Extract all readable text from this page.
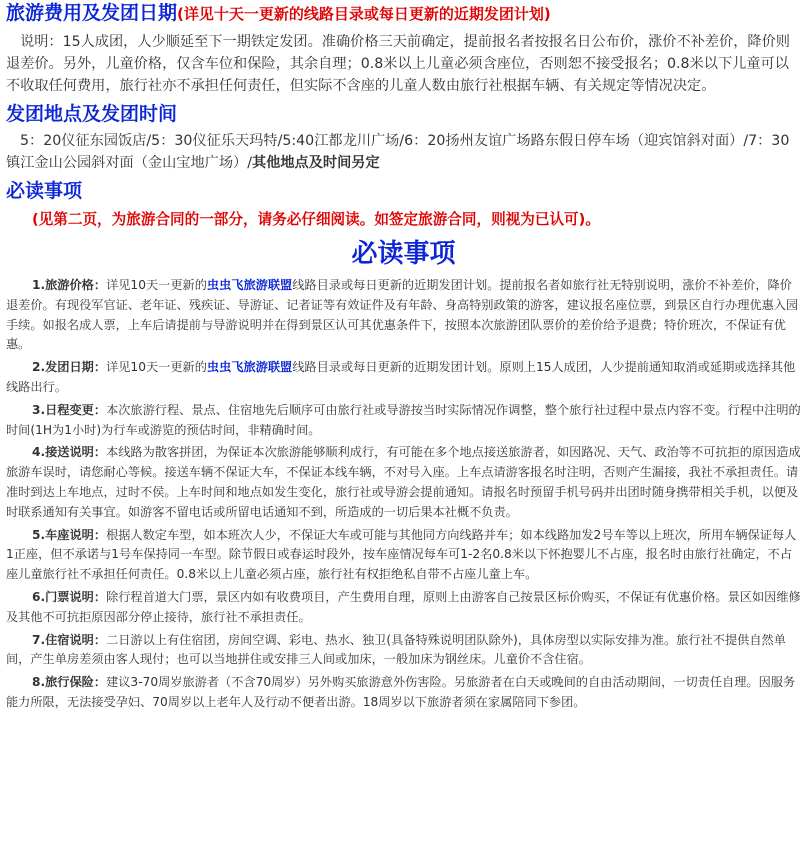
旅游费用及发团日期(详见十天一更新的线路目录或每日更新的近期发团计划)
说明：15人成团，人少顺延至下一期铁定发团。准确价格三天前确定，提前报名者按报名日公布价，涨价不补差价，降价则退差价。另外，儿童价格，仅含车位和保险，其余自理；0.8米以上儿童必须含座位，否则恕不接受报名；0.8米以下儿童可以不收取任何费用，旅行社亦不承担任何责任，但实际不含座的儿童人数由旅行社根据车辆、有关规定等情况决定。
发团地点及发团时间
5：20仪征东园饭店/5：30仪征乐天玛特/5:40江都龙川广场/6：20扬州友谊广场路东假日停车场（迎宾馆斜对面）/7：30镇江金山公园斜对面（金山宝地广场）/其他地点及时间另定
必读事项
(见第二页，为旅游合同的一部分，请务必仔细阅读。如签定旅游合同，则视为已认可)。
必读事项
1.旅游价格：详见10天一更新的虫虫飞旅游联盟线路目录或每日更新的近期发团计划。提前报名者如旅行社无特别说明，涨价不补差价，降价退差价。有现役军官证、老年证、残疾证、导游证、记者证等有效证件及有年龄、身高特别政策的游客，建议报名座位票，到景区自行办理优惠入园手续。如报名成人票，上车后请提前与导游说明并在得到景区认可其优惠条件下，按照本次旅游团队票价的差价给予退费；特价班次，不保证有优惠。
2.发团日期：详见10天一更新的虫虫飞旅游联盟线路目录或每日更新的近期发团计划。原则上15人成团，人少提前通知取消或延期或选择其他线路出行。
3.日程变更：本次旅游行程、景点、住宿地先后顺序可由旅行社或导游按当时实际情况作调整，整个旅行社过程中景点内容不变。行程中注明的时间(1H为1小时)为行车或游览的预估时间，非精确时间。
4.接送说明：本线路为散客拼团，为保证本次旅游能够顺利成行，有可能在多个地点接送旅游者，如因路况、天气、政治等不可抗拒的原因造成旅游车误时，请您耐心等候。接送车辆不保证大车，不保证本线车辆，不对号入座。上车点请游客报名时注明，否则产生漏接，我社不承担责任。请准时到达上车地点，过时不侯。上车时间和地点如发生变化，旅行社或导游会提前通知。请报名时预留手机号码并出团时随身携带相关手机，以便及时联系通知有关事宜。如游客不留电话或所留电话通知不到，所造成的一切后果本社概不负责。
5.车座说明：根据人数定车型，如本班次人少，不保证大车或可能与其他同方向线路并车；如本线路加发2号车等以上班次，所用车辆保证每人1正座，但不承诺与1号车保持同一车型。除节假日或春运时段外，按车座情况每车可1-2名0.8米以下怀抱婴儿不占座，报名时由旅行社确定，不占座儿童旅行社不承担任何责任。0.8米以上儿童必须占座，旅行社有权拒绝私自带不占座儿童上车。
6.门票说明：除行程首道大门票，景区内如有收费项目，产生费用自理，原则上由游客自己按景区标价购买，不保证有优惠价格。景区如因维修及其他不可抗拒原因部分停止接待，旅行社不承担责任。
7.住宿说明：二日游以上有住宿团，房间空调、彩电、热水、独卫(具备特殊说明团队除外)，具体房型以实际安排为准。旅行社不提供自然单间，产生单房差须由客人现付；也可以当地拼住或安排三人间或加床，一般加床为钢丝床。儿童价不含住宿。
8.旅行保险：建议3-70周岁旅游者（不含70周岁）另外购买旅游意外伤害险。另旅游者在白天或晚间的自由活动期间，一切责任自理。因服务能力所限，无法接受孕妇、70周岁以上老年人及行动不便者出游。18周岁以下旅游者须在家属陪同下参团。
